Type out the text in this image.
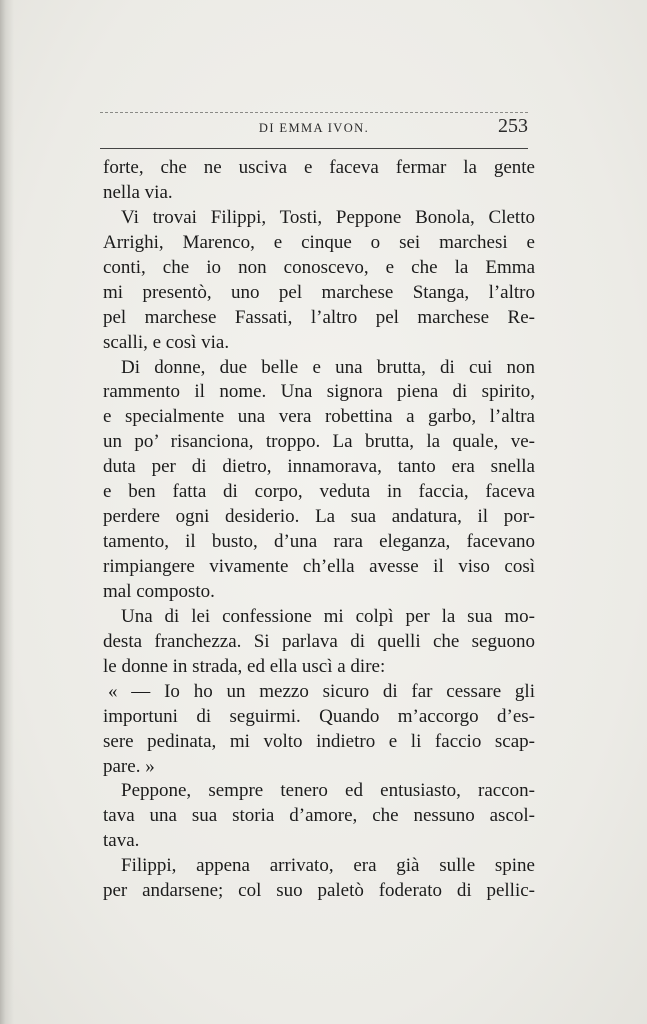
DI EMMA IVON.	253
forte, che ne usciva e faceva fermar la gente
nella via.
Vi trovai Filippi, Tosti, Peppone Bonola, Cletto
Arrighi, Marenco, e cinque o sei marchesi e
conti, che io non conoscevo, e che la Emma
mi presentò, uno pel marchese Stanga, l’altro
pel marchese Fassati, l’altro pel marchese Re-
scalli, e così via.
Di donne, due belle e una brutta, di cui non
rammento il nome. Una signora piena di spirito,
e specialmente una vera robettina a garbo, l’altra
un po’ risanciona, troppo. La brutta, la quale, ve-
duta per di dietro, innamorava, tanto era snella
e ben fatta di corpo, veduta in faccia, faceva
perdere ogni desiderio. La sua andatura, il por-
tamento, il busto, d’una rara eleganza, facevano
rimpiangere vivamente ch’ella avesse il viso così
mal composto.
Una di lei confessione mi colpì per la sua mo-
desta franchezza. Si parlava di quelli che seguono
le donne in strada, ed ella uscì a dire:
« — Io ho un mezzo sicuro di far cessare gli
importuni di seguirmi. Quando m’accorgo d’es-
sere pedinata, mi volto indietro e li faccio scap-
pare. »
Peppone, sempre tenero ed entusiasto, raccon-
tava una sua storia d’amore, che nessuno ascol-
tava.
Filippi, appena arrivato, era già sulle spine
per andarsene; col suo paletò foderato di pellic-
